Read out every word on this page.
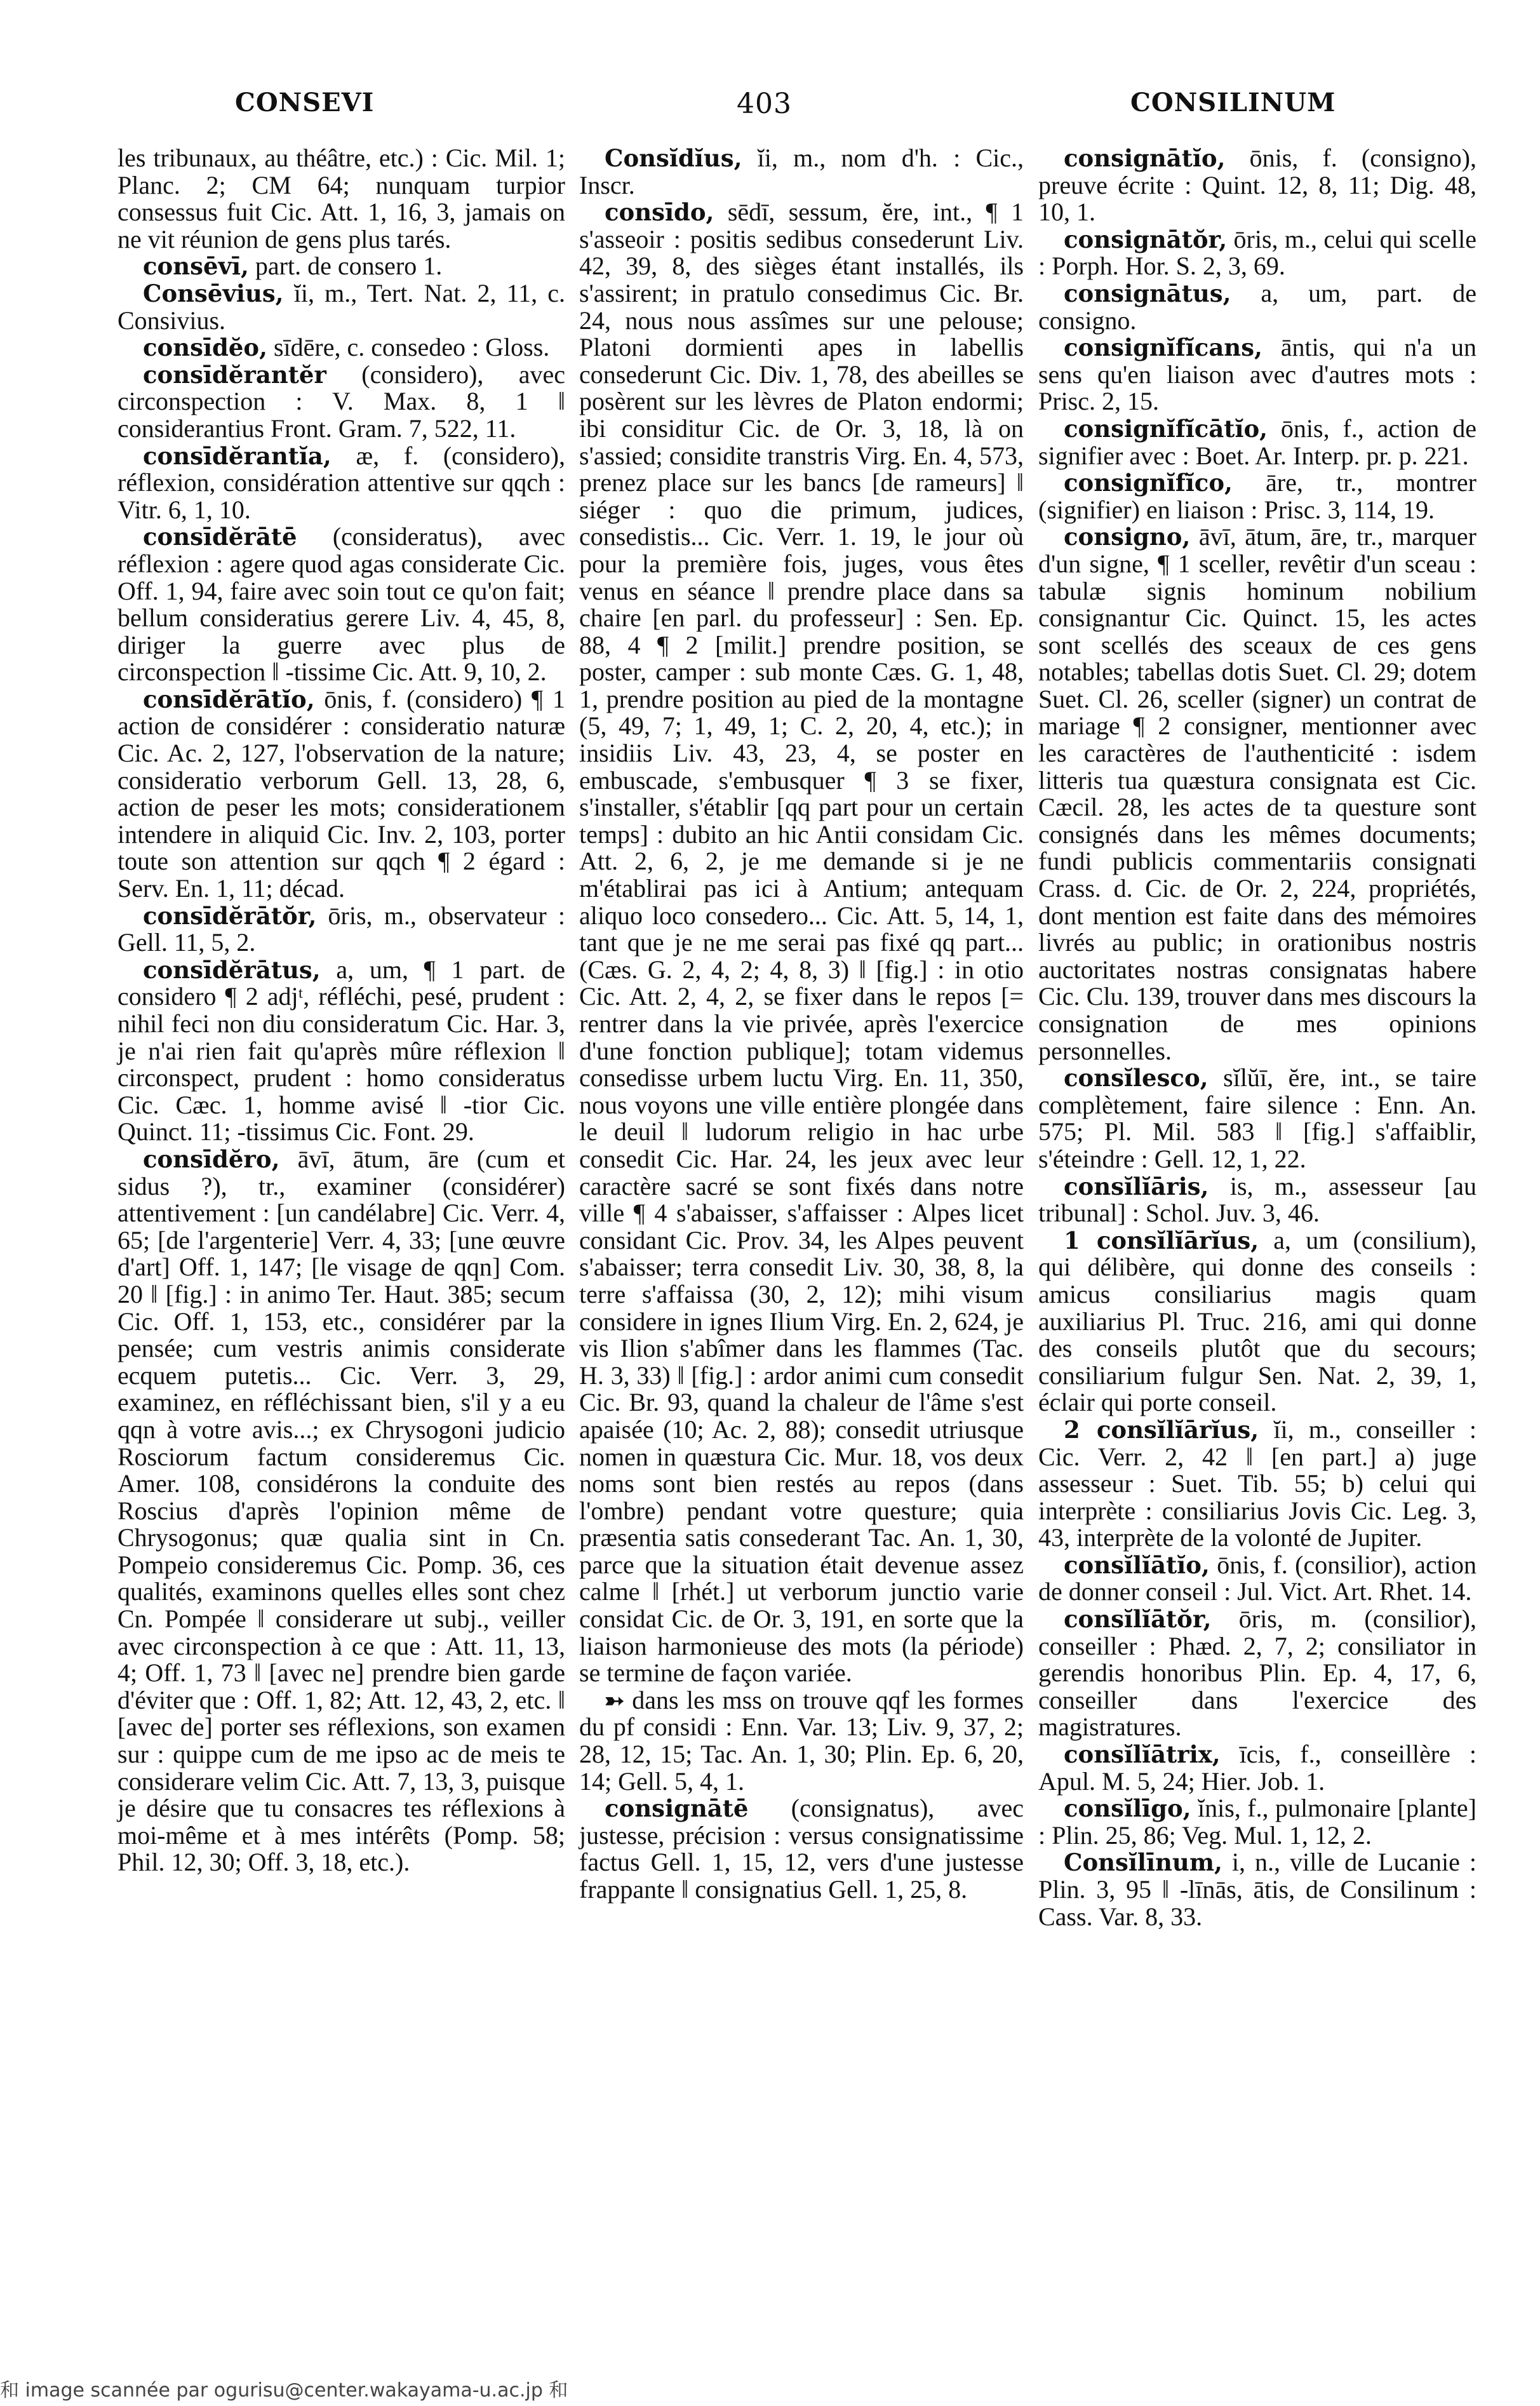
CONSEVI	403	CONSILINUM

les tribunaux, au théâtre, etc.) : Cic. Mil. 1; Planc. 2; CM 64; nunquam turpior consessus fuit Cic. Att. 1, 16, 3, jamais on ne vit réunion de gens plus tarés.

consēvī, part. de consero 1.

Consēvius, ĭi, m., Tert. Nat. 2, 11, c. Consivius.

consīdĕo, sīdēre, c. consedeo : Gloss.

consīdĕrantĕr (considero), avec circonspection : V. Max. 8, 1 ‖ considerantius Front. Gram. 7, 522, 11.

consīdĕrantĭa, æ, f. (considero), réflexion, considération attentive sur qqch : Vitr. 6, 1, 10.

consīdĕrātē (consideratus), avec réflexion : agere quod agas considerate Cic. Off. 1, 94, faire avec soin tout ce qu'on fait; bellum consideratius gerere Liv. 4, 45, 8, diriger la guerre avec plus de circonspection ‖ -tissime Cic. Att. 9, 10, 2.

consīdĕrātĭo, ōnis, f. (considero) ¶ 1 action de considérer : consideratio naturæ Cic. Ac. 2, 127, l'observation de la nature; consideratio verborum Gell. 13, 28, 6, action de peser les mots; considerationem intendere in aliquid Cic. Inv. 2, 103, porter toute son attention sur qqch ¶ 2 égard : Serv. En. 1, 11; décad.

consīdĕrātŏr, ōris, m., observateur : Gell. 11, 5, 2.

consīdĕrātus, a, um, ¶ 1 part. de considero ¶ 2 adjᵗ, réfléchi, pesé, prudent : nihil feci non diu consideratum Cic. Har. 3, je n'ai rien fait qu'après mûre réflexion ‖ circonspect, prudent : homo consideratus Cic. Cæc. 1, homme avisé ‖ -tior Cic. Quinct. 11; -tissimus Cic. Font. 29.

consīdĕro, āvī, ātum, āre (cum et sidus ?), tr., examiner (considérer) attentivement : [un candélabre] Cic. Verr. 4, 65; [de l'argenterie] Verr. 4, 33; [une œuvre d'art] Off. 1, 147; [le visage de qqn] Com. 20 ‖ [fig.] : in animo Ter. Haut. 385; secum Cic. Off. 1, 153, etc., considérer par la pensée; cum vestris animis considerate ecquem putetis... Cic. Verr. 3, 29, examinez, en réfléchissant bien, s'il y a eu qqn à votre avis...; ex Chrysogoni judicio Rosciorum factum consideremus Cic. Amer. 108, considérons la conduite des Roscius d'après l'opinion même de Chrysogonus; quæ qualia sint in Cn. Pompeio consideremus Cic. Pomp. 36, ces qualités, examinons quelles elles sont chez Cn. Pompée ‖ considerare ut subj., veiller avec circonspection à ce que : Att. 11, 13, 4; Off. 1, 73 ‖ [avec ne] prendre bien garde d'éviter que : Off. 1, 82; Att. 12, 43, 2, etc. ‖ [avec de] porter ses réflexions, son examen sur : quippe cum de me ipso ac de meis te considerare velim Cic. Att. 7, 13, 3, puisque je désire que tu consacres tes réflexions à moi-même et à mes intérêts (Pomp. 58; Phil. 12, 30; Off. 3, 18, etc.).

Consĭdĭus, ĭi, m., nom d'h. : Cic., Inscr.

consīdo, sēdī, sessum, ĕre, int., ¶ 1 s'asseoir : positis sedibus consederunt Liv. 42, 39, 8, des sièges étant installés, ils s'assirent; in pratulo consedimus Cic. Br. 24, nous nous assîmes sur une pelouse; Platoni dormienti apes in labellis consederunt Cic. Div. 1, 78, des abeilles se posèrent sur les lèvres de Platon endormi; ibi considitur Cic. de Or. 3, 18, là on s'assied; considite transtris Virg. En. 4, 573, prenez place sur les bancs [de rameurs] ‖ siéger : quo die primum, judices, consedistis... Cic. Verr. 1. 19, le jour où pour la première fois, juges, vous êtes venus en séance ‖ prendre place dans sa chaire [en parl. du professeur] : Sen. Ep. 88, 4 ¶ 2 [milit.] prendre position, se poster, camper : sub monte Cæs. G. 1, 48, 1, prendre position au pied de la montagne (5, 49, 7; 1, 49, 1; C. 2, 20, 4, etc.); in insidiis Liv. 43, 23, 4, se poster en embuscade, s'embusquer ¶ 3 se fixer, s'installer, s'établir [qq part pour un certain temps] : dubito an hic Antii considam Cic. Att. 2, 6, 2, je me demande si je ne m'établirai pas ici à Antium; antequam aliquo loco consedero... Cic. Att. 5, 14, 1, tant que je ne me serai pas fixé qq part... (Cæs. G. 2, 4, 2; 4, 8, 3) ‖ [fig.] : in otio Cic. Att. 2, 4, 2, se fixer dans le repos [= rentrer dans la vie privée, après l'exercice d'une fonction publique]; totam videmus consedisse urbem luctu Virg. En. 11, 350, nous voyons une ville entière plongée dans le deuil ‖ ludorum religio in hac urbe consedit Cic. Har. 24, les jeux avec leur caractère sacré se sont fixés dans notre ville ¶ 4 s'abaisser, s'affaisser : Alpes licet considant Cic. Prov. 34, les Alpes peuvent s'abaisser; terra consedit Liv. 30, 38, 8, la terre s'affaissa (30, 2, 12); mihi visum considere in ignes Ilium Virg. En. 2, 624, je vis Ilion s'abîmer dans les flammes (Tac. H. 3, 33) ‖ [fig.] : ardor animi cum consedit Cic. Br. 93, quand la chaleur de l'âme s'est apaisée (10; Ac. 2, 88); consedit utriusque nomen in quæstura Cic. Mur. 18, vos deux noms sont bien restés au repos (dans l'ombre) pendant votre questure; quia præsentia satis consederant Tac. An. 1, 30, parce que la situation était devenue assez calme ‖ [rhét.] ut verborum junctio varie considat Cic. de Or. 3, 191, en sorte que la liaison harmonieuse des mots (la période) se termine de façon variée.

➳ dans les mss on trouve qqf les formes du pf considi : Enn. Var. 13; Liv. 9, 37, 2; 28, 12, 15; Tac. An. 1, 30; Plin. Ep. 6, 20, 14; Gell. 5, 4, 1.

consignātē (consignatus), avec justesse, précision : versus consignatissime factus Gell. 1, 15, 12, vers d'une justesse frappante ‖ consignatius Gell. 1, 25, 8.

consignātĭo, ōnis, f. (consigno), preuve écrite : Quint. 12, 8, 11; Dig. 48, 10, 1.

consignātŏr, ōris, m., celui qui scelle : Porph. Hor. S. 2, 3, 69.

consignātus, a, um, part. de consigno.

consignĭfĭcans, āntis, qui n'a un sens qu'en liaison avec d'autres mots : Prisc. 2, 15.

consignĭfĭcātĭo, ōnis, f., action de signifier avec : Boet. Ar. Interp. pr. p. 221.

consignĭfĭco, āre, tr., montrer (signifier) en liaison : Prisc. 3, 114, 19.

consigno, āvī, ātum, āre, tr., marquer d'un signe, ¶ 1 sceller, revêtir d'un sceau : tabulæ signis hominum nobilium consignantur Cic. Quinct. 15, les actes sont scellés des sceaux de ces gens notables; tabellas dotis Suet. Cl. 29; dotem Suet. Cl. 26, sceller (signer) un contrat de mariage ¶ 2 consigner, mentionner avec les caractères de l'authenticité : isdem litteris tua quæstura consignata est Cic. Cæcil. 28, les actes de ta questure sont consignés dans les mêmes documents; fundi publicis commentariis consignati Crass. d. Cic. de Or. 2, 224, propriétés, dont mention est faite dans des mémoires livrés au public; in orationibus nostris auctoritates nostras consignatas habere Cic. Clu. 139, trouver dans mes discours la consignation de mes opinions personnelles.

consĭlesco, sĭlŭī, ĕre, int., se taire complètement, faire silence : Enn. An. 575; Pl. Mil. 583 ‖ [fig.] s'affaiblir, s'éteindre : Gell. 12, 1, 22.

consĭlĭāris, is, m., assesseur [au tribunal] : Schol. Juv. 3, 46.

1 consĭlĭārĭus, a, um (consilium), qui délibère, qui donne des conseils : amicus consiliarius magis quam auxiliarius Pl. Truc. 216, ami qui donne des conseils plutôt que du secours; consiliarium fulgur Sen. Nat. 2, 39, 1, éclair qui porte conseil.

2 consĭlĭārĭus, ĭi, m., conseiller : Cic. Verr. 2, 42 ‖ [en part.] a) juge assesseur : Suet. Tib. 55; b) celui qui interprète : consiliarius Jovis Cic. Leg. 3, 43, interprète de la volonté de Jupiter.

consĭlĭātĭo, ōnis, f. (consilior), action de donner conseil : Jul. Vict. Art. Rhet. 14.

consĭlĭātŏr, ōris, m. (consilior), conseiller : Phæd. 2, 7, 2; consiliator in gerendis honoribus Plin. Ep. 4, 17, 6, conseiller dans l'exercice des magistratures.

consĭlĭātrix, īcis, f., conseillère : Apul. M. 5, 24; Hier. Job. 1.

consĭlīgo, ĭnis, f., pulmonaire [plante] : Plin. 25, 86; Veg. Mul. 1, 12, 2.

Consĭlīnum, i, n., ville de Lucanie : Plin. 3, 95 ‖ -līnās, ātis, de Consilinum : Cass. Var. 8, 33.

和 image scannée par ogurisu@center.wakayama-u.ac.jp 和
